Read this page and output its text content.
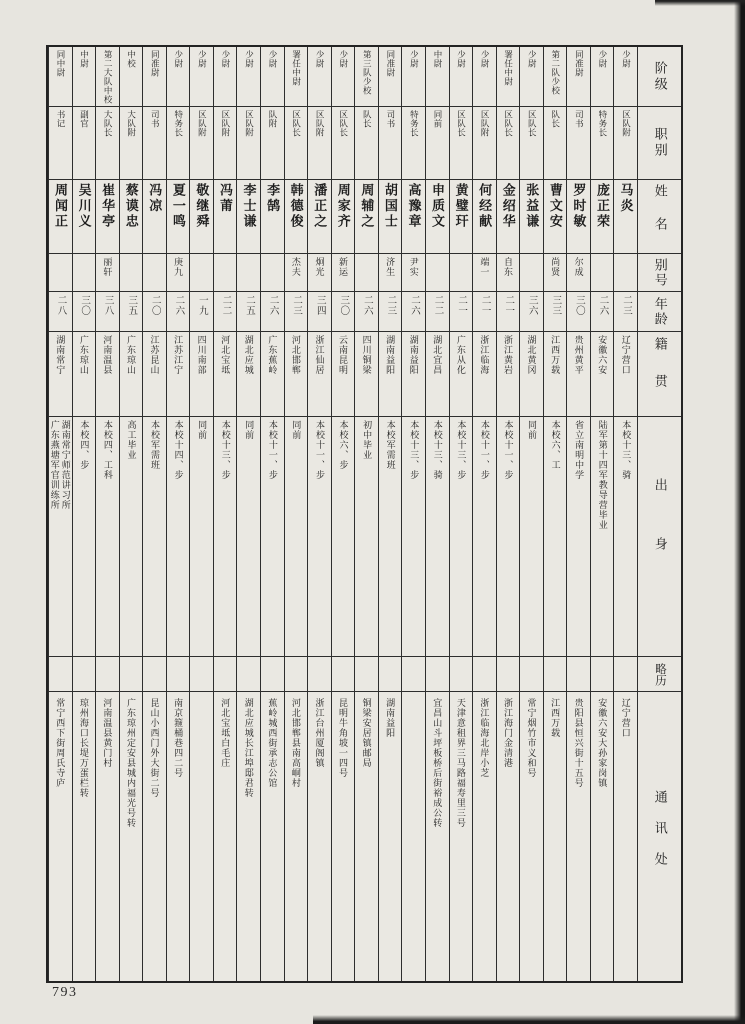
阶级
职别
姓名
别号
年龄
籍贯
出身
略历
通讯处
少尉
区队附
马炎
二三
辽宁营口
本校十三、骑
辽宁营口
少尉
特务长
庞正荣
二六
安徽六安
陆军第十四军教导营毕业
安徽六安大孙家岗镇
同准尉
司书
罗时敏
尔成
三〇
贵州黄平
省立南明中学
贵阳县恒兴街十五号
第二队少校
队长
曹文安
尚贤
三三
江西万载
本校六、工
江西万载
少尉
区队长
张益谦
三六
湖北黄冈
同前
常宁烟竹市义和号
署任中尉
区队长
金绍华
自东
二一
浙江黄岩
本校十一、步
浙江海门金清港
少尉
区队附
何经献
端一
二一
浙江临海
本校十一、步
浙江临海北岸小芝
少尉
区队长
黄璧玕
二一
广东从化
本校十三、步
天津意租界三马路福寿里三号
中尉
同前
申质文
二二
湖北宜昌
本校十三、骑
宜昌山斗坪板桥后街裕成公转
少尉
特务长
高豫章
尹实
二六
湖南益阳
本校十三、步
同准尉
司书
胡国士
济生
二三
湖南益阳
本校军需班
湖南益阳
第三队少校
队长
周辅之
二六
四川铜梁
初中毕业
铜梁安居镇邮局
少尉
区队长
周家齐
新运
三〇
云南昆明
本校六、步
昆明牛角坡一四号
少尉
区队附
潘正之
炯光
三四
浙江仙居
本校十一、步
浙江台州厦阁镇
署任中尉
区队长
韩德俊
杰夫
二三
河北邯郸
同前
河北邯郸县南高峒村
少尉
队附
李鹄
二六
广东蕉岭
本校十一、步
蕉岭城西街承志公馆
少尉
区队附
李士谦
二五
湖北应城
同前
湖北应城长江埠邸君转
少尉
区队附
冯莆
二二
河北宝坻
本校十三、步
河北宝坻白毛庄
少尉
区队附
敬继舜
一九
四川南部
同前
少尉
特务长
夏一鸣
庚九
二六
江苏江宁
本校十四、步
南京箍桶巷四二号
同准尉
司书
冯凉
二〇
江苏昆山
本校军需班
昆山小西门外大街二号
中校
大队附
蔡谟忠
三五
广东琼山
高工毕业
广东琼州定安县城内福光号转
第二大队中校
大队长
崔华亭
丽轩
三八
河南温县
本校四、工科
河南温县黄门村
中尉
副官
吴川义
三〇
广东琼山
本校四、步
琼州海口长堤万蛋栏转
同中尉
书记
周闻正
二八
湖南常宁
湖南常宁师范讲习所
广东燕塘军官训练所
常宁西下街周氏寺庐
793
